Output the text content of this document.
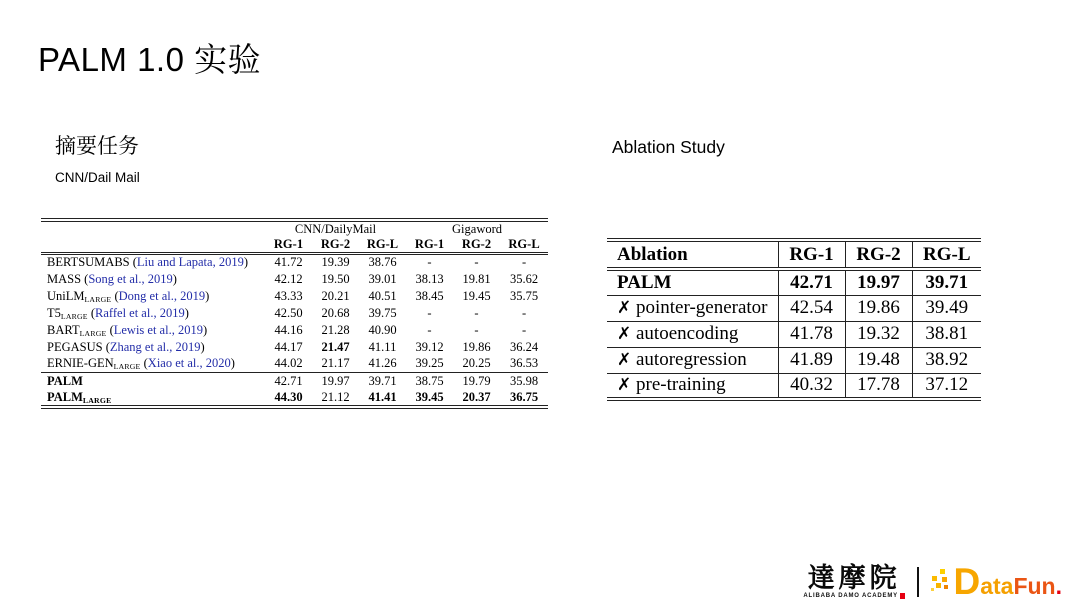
PALM 1.0 实验
摘要任务
CNN/Dail Mail
Ablation Study
	CNN/DailyMail			Gigaword		
	RG-1	RG-2	RG-L	RG-1	RG-2	RG-L
BERTSUMABS (Liu and Lapata, 2019)	41.72	19.39	38.76	-	-	-
MASS (Song et al., 2019)	42.12	19.50	39.01	38.13	19.81	35.62
UniLM$_{LARGE}$ (Dong et al., 2019)	43.33	20.21	40.51	38.45	19.45	35.75
$T5_{LARGE}$ (Raffel et al., 2019)	42.50	20.68	39.75	-	-	-
$BART_{LARGE}$ (Lewis et al., 2019)	44.16	21.28	40.90	-	-	-
PEGASUS (Zhang et al., 2019)	44.17	21.47	41.11	39.12	19.86	36.24
ERNIE-$GEN_{LARGE}$ (Xiao et al., 2020)	44.02	21.17	41.26	39.25	20.25	36.53
PALM	42.71	19.97	39.71	38.75	19.79	35.98
$PALM_{LARGE}$	44.30	21.12	41.41	39.45	20.37	36.75
Ablation	RG-1	RG-2	RG-L
PALM	42.71	19.97	39.71
✗ pointer-generator	42.54	19.86	39.49
✗ autoencoding	41.78	19.32	38.81
✗ autoregression	41.89	19.48	38.92
✗ pre-training	40.32	17.78	37.12
達摩院
ALIBABA DAMO ACADEMY DataFun.
